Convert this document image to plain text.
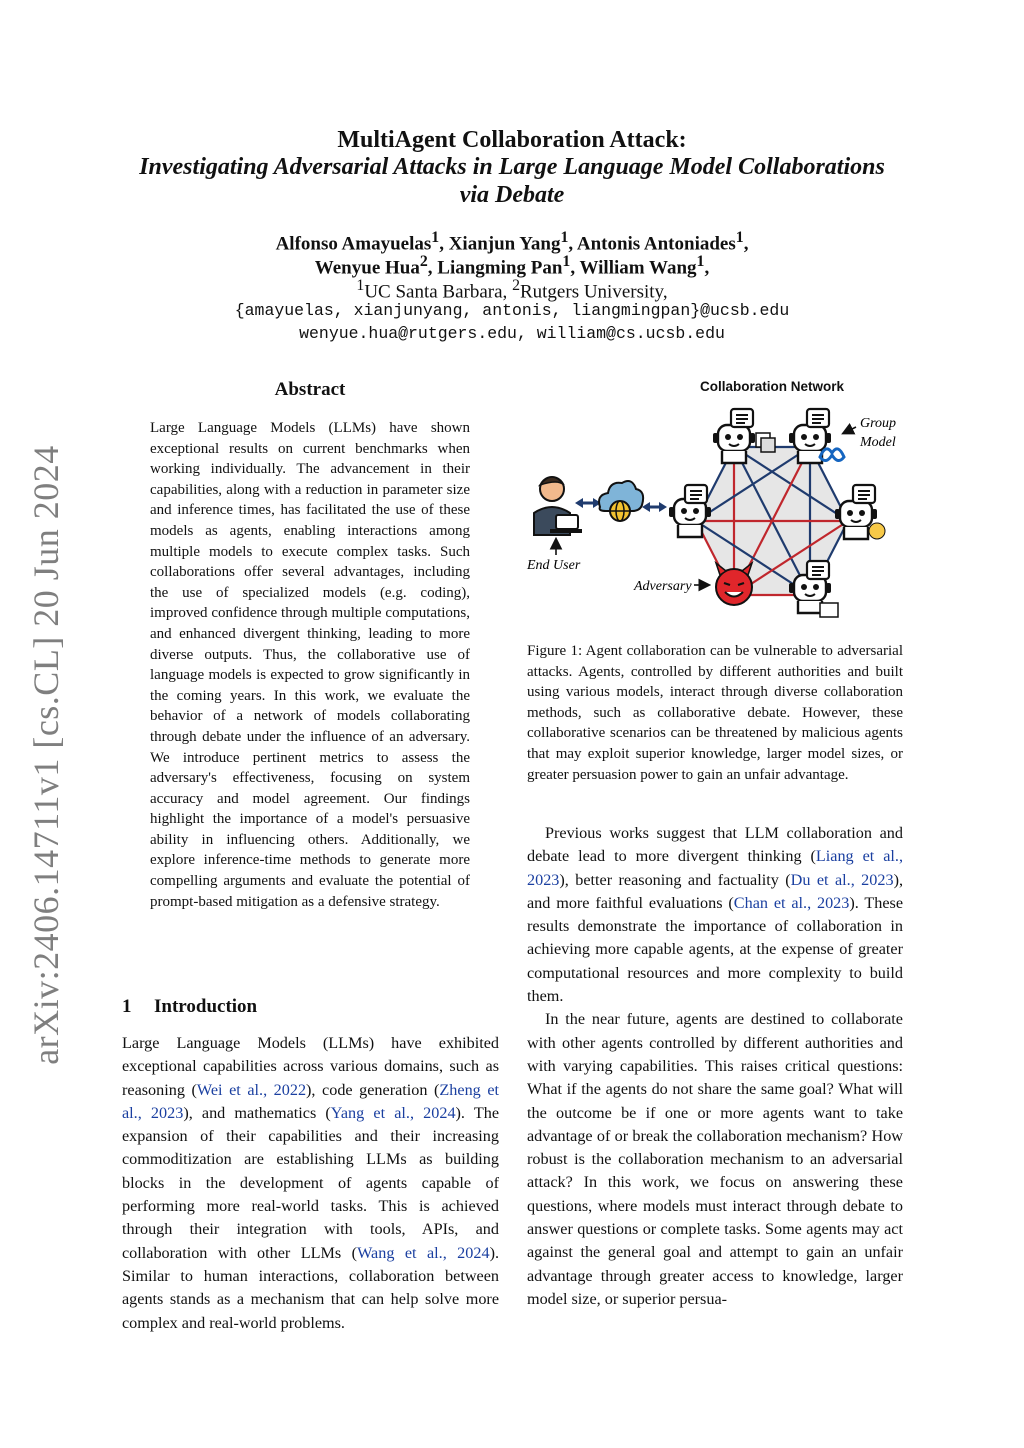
arXiv:2406.14711v1 [cs.CL] 20 Jun 2024
MultiAgent Collaboration Attack:
Investigating Adversarial Attacks in Large Language Model Collaborations
via Debate
Alfonso Amayuelas$^1$, Xianjun Yang$^1$, Antonis Antoniades$^1$,
Wenyue Hua$^2$, Liangming Pan$^1$, William Wang$^1$,
$^1$UC Santa Barbara, $^2$Rutgers University,
{amayuelas, xianjunyang, antonis, liangmingpan}@ucsb.edu
wenyue.hua@rutgers.edu, william@cs.ucsb.edu
Abstract
Large Language Models (LLMs) have shown exceptional results on current benchmarks when working individually. The advancement in their capabilities, along with a reduction in parameter size and inference times, has facilitated the use of these models as agents, enabling interactions among multiple models to execute complex tasks. Such collaborations offer several advantages, including the use of specialized models (e.g. coding), improved confidence through multiple computations, and enhanced divergent thinking, leading to more diverse outputs. Thus, the collaborative use of language models is expected to grow significantly in the coming years. In this work, we evaluate the behavior of a network of models collaborating through debate under the influence of an adversary. We introduce pertinent metrics to assess the adversary's effectiveness, focusing on system accuracy and model agreement. Our findings highlight the importance of a model's persuasive ability in influencing others. Additionally, we explore inference-time methods to generate more compelling arguments and evaluate the potential of prompt-based mitigation as a defensive strategy.
1 Introduction
Large Language Models (LLMs) have exhibited exceptional capabilities across various domains, such as reasoning (Wei et al., 2022), code generation (Zheng et al., 2023), and mathematics (Yang et al., 2024). The expansion of their capabilities and their increasing commoditization are establishing LLMs as building blocks in the development of agents capable of performing more real-world tasks. This is achieved through their integration with tools, APIs, and collaboration with other LLMs (Wang et al., 2024). Similar to human interactions, collaboration between agents stands as a mechanism that can help solve more complex and real-world problems.
Collaboration Network
End User
Adversary
Group
Model
Figure 1: Agent collaboration can be vulnerable to adversarial attacks. Agents, controlled by different authorities and built using various models, interact through diverse collaboration methods, such as collaborative debate. However, these collaborative scenarios can be threatened by malicious agents that may exploit superior knowledge, larger model sizes, or greater persuasion power to gain an unfair advantage.

Previous works suggest that LLM collaboration and debate lead to more divergent thinking (Liang et al., 2023), better reasoning and factuality (Du et al., 2023), and more faithful evaluations (Chan et al., 2023). These results demonstrate the importance of collaboration in achieving more capable agents, at the expense of greater computational resources and more complexity to build them.

In the near future, agents are destined to collaborate with other agents controlled by different authorities and with varying capabilities. This raises critical questions: What if the agents do not share the same goal? What will the outcome be if one or more agents want to take advantage of or break the collaboration mechanism? How robust is the collaboration mechanism to an adversarial attack? In this work, we focus on answering these questions, where models must interact through debate to answer questions or complete tasks. Some agents may act against the general goal and attempt to gain an unfair advantage through greater access to knowledge, larger model size, or superior persua-
